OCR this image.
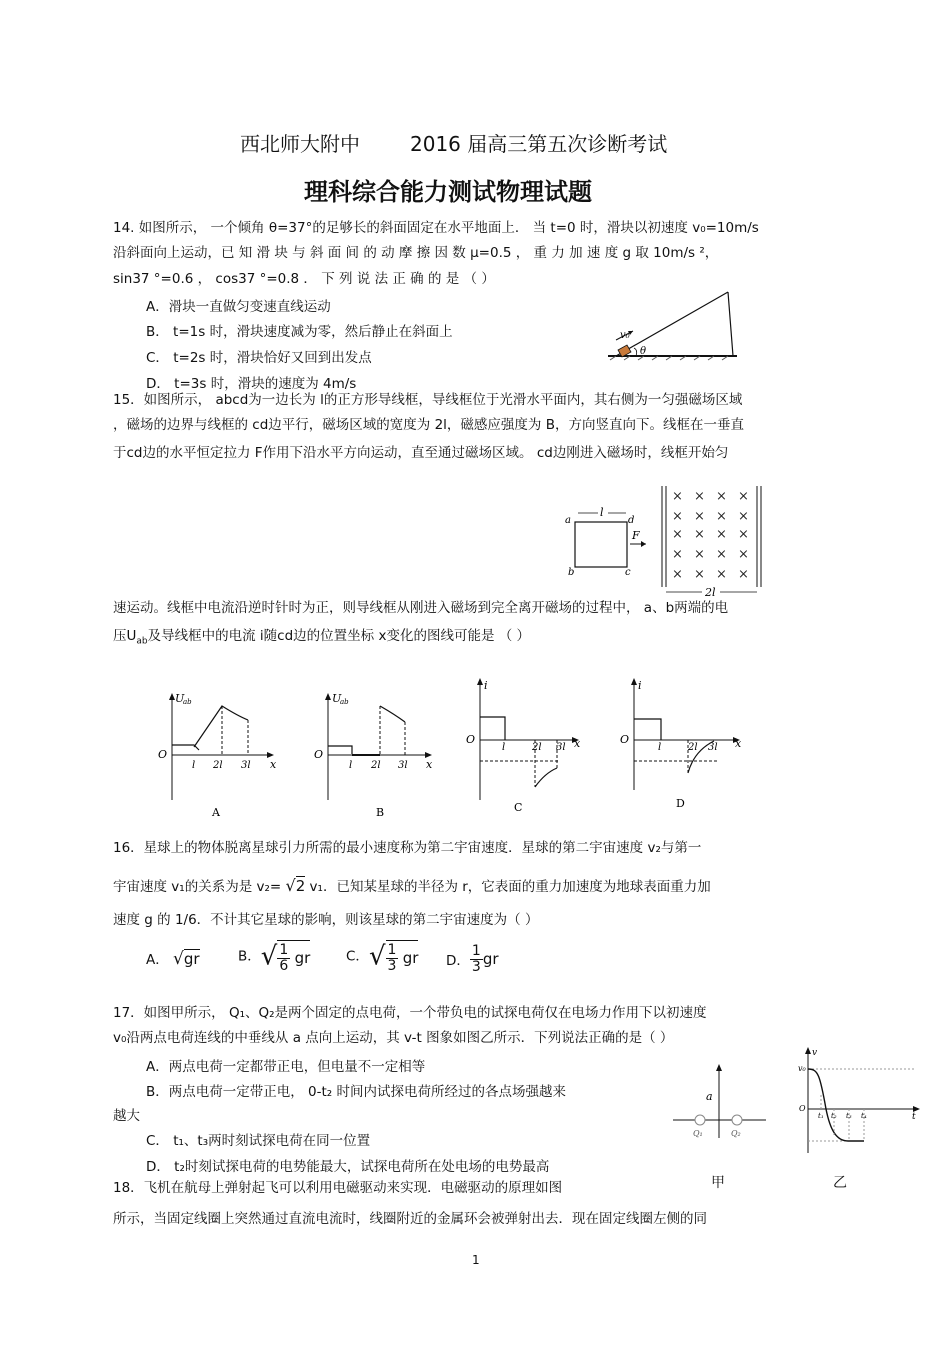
西北师大附中	2016 届高三第五次诊断考试
理科综合能力测试物理试题
14. 如图所示， 一个倾角 θ=37°的足够长的斜面固定在水平地面上． 当 t=0 时，滑块以初速度 v₀=10m/s
沿斜面向上运动，已 知 滑 块 与 斜 面 间 的 动 摩 擦 因 数 μ=0.5 ， 重 力 加 速 度 g 取 10m/s ²，
sin37 °=0.6 ， cos37 °=0.8 ． 下 列 说 法 正 确 的 是 （ ）
A．滑块一直做匀变速直线运动
B． t=1s 时，滑块速度减为零，然后静止在斜面上
C． t=2s 时，滑块恰好又回到出发点
D． t=3s 时，滑块的速度为 4m/s
v₀
θ
15．如图所示， abcd为一边长为 l的正方形导线框，导线框位于光滑水平面内，其右侧为一匀强磁场区域
，磁场的边界与线框的 cd边平行，磁场区域的宽度为 2l，磁感应强度为 B，方向竖直向下。线框在一垂直
于cd边的水平恒定拉力 F作用下沿水平方向运动，直至通过磁场区域。 cd边刚进入磁场时，线框开始匀
l
a	d
b	c
F
× × × ×
× × × ×
× × × ×
× × × ×
× × × ×
2l
速运动。线框中电流沿逆时针时为正，则导线框从刚进入磁场到完全离开磁场的过程中， a、b两端的电
压$U_{ab}$及导线框中的电流 i随cd边的位置坐标 x变化的图线可能是 （ ）
U
ab
O
x
l 2l 3l
A
U
ab
O
x
l 2l 3l
B
i
O	x
l	2l 3l
C
i
O	x
l	2l 3l
D
16．星球上的物体脱离星球引力所需的最小速度称为第二宇宙速度．星球的第二宇宙速度 v₂与第一
宇宙速度 v₁的关系为是 v₂= √2 v₁．已知某星球的半径为 r，它表面的重力加速度为地球表面重力加
速度 g 的 1/6．不计其它星球的影响，则该星球的第二宇宙速度为（ ）
A． √gr	B．√ $\frac{1}{6}$ gr	C．√ $\frac{1}{3}$ gr D． $\frac{1}{3}$ gr
17．如图甲所示， Q₁、Q₂是两个固定的点电荷，一个带负电的试探电荷仅在电场力作用下以初速度
v₀沿两点电荷连线的中垂线从 a 点向上运动，其 v-t 图象如图乙所示．下列说法正确的是（ ）
A．两点电荷一定都带正电，但电量不一定相等
B．两点电荷一定带正电， 0-t₂ 时间内试探电荷所经过的各点场强越来
越大
C． t₁、t₃两时刻试探电荷在同一位置
D． t₂时刻试探电荷的电势能最大，试探电荷所在处电场的电势最高
a
Q₁	Q₂
甲
v
v₀
O
t
t₁ t₂ t₃ t₄
乙
18．飞机在航母上弹射起飞可以利用电磁驱动来实现．电磁驱动的原理如图
所示，当固定线圈上突然通过直流电流时，线圈附近的金属环会被弹射出去．现在固定线圈左侧的同
1
